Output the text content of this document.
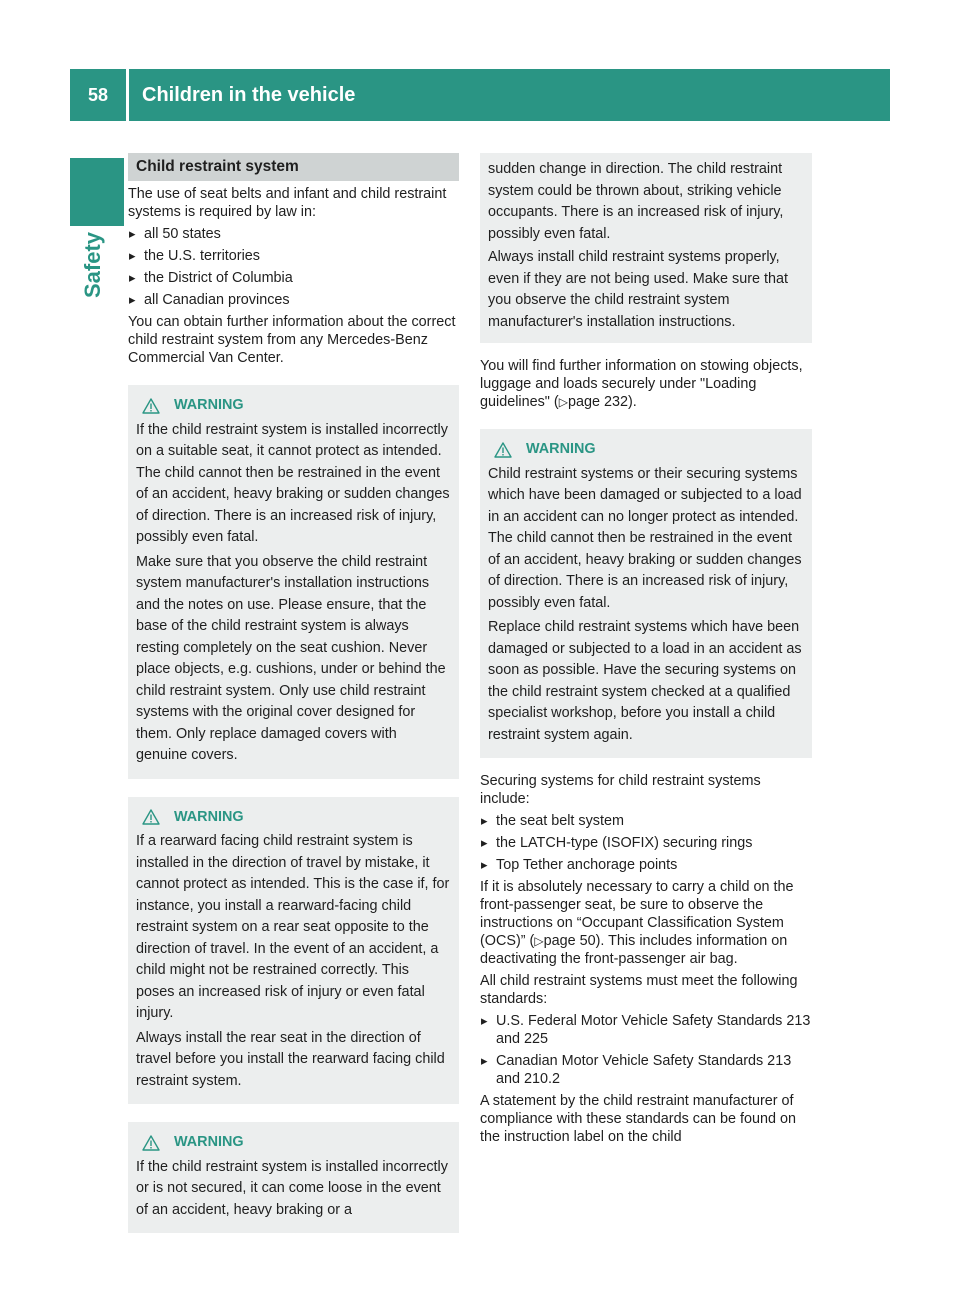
58	Children in the vehicle
Safety
Child restraint system

The use of seat belts and infant and child restraint systems is required by law in:

▸ all 50 states
▸ the U.S. territories
▸ the District of Columbia
▸ all Canadian provinces

You can obtain further information about the correct child restraint system from any Mercedes-Benz Commercial Van Center.

WARNING

If the child restraint system is installed incorrectly on a suitable seat, it cannot protect as intended. The child cannot then be restrained in the event of an accident, heavy braking or sudden changes of direction. There is an increased risk of injury, possibly even fatal.

Make sure that you observe the child restraint system manufacturer's installation instructions and the notes on use. Please ensure, that the base of the child restraint system is always resting completely on the seat cushion. Never place objects, e.g. cushions, under or behind the child restraint system. Only use child restraint systems with the original cover designed for them. Only replace damaged covers with genuine covers.

WARNING

If a rearward facing child restraint system is installed in the direction of travel by mistake, it cannot protect as intended. This is the case if, for instance, you install a rearward-facing child restraint system on a rear seat opposite to the direction of travel. In the event of an accident, a child might not be restrained correctly. This poses an increased risk of injury or even fatal injury.

Always install the rear seat in the direction of travel before you install the rearward facing child restraint system.

WARNING

If the child restraint system is installed incorrectly or is not secured, it can come loose in the event of an accident, heavy braking or a

sudden change in direction. The child restraint system could be thrown about, striking vehicle occupants. There is an increased risk of injury, possibly even fatal.

Always install child restraint systems properly, even if they are not being used. Make sure that you observe the child restraint system manufacturer's installation instructions.

You will find further information on stowing objects, luggage and loads securely under "Loading guidelines" (▷page 232).

WARNING

Child restraint systems or their securing systems which have been damaged or subjected to a load in an accident can no longer protect as intended. The child cannot then be restrained in the event of an accident, heavy braking or sudden changes of direction. There is an increased risk of injury, possibly even fatal.

Replace child restraint systems which have been damaged or subjected to a load in an accident as soon as possible. Have the securing systems on the child restraint system checked at a qualified specialist workshop, before you install a child restraint system again.

Securing systems for child restraint systems include:

▸ the seat belt system
▸ the LATCH-type (ISOFIX) securing rings
▸ Top Tether anchorage points

If it is absolutely necessary to carry a child on the front-passenger seat, be sure to observe the instructions on “Occupant Classification System (OCS)” (▷page 50). This includes information on deactivating the front-passenger air bag.

All child restraint systems must meet the following standards:

▸ U.S. Federal Motor Vehicle Safety Standards 213 and 225
▸ Canadian Motor Vehicle Safety Standards 213 and 210.2

A statement by the child restraint manufacturer of compliance with these standards can be found on the instruction label on the child
